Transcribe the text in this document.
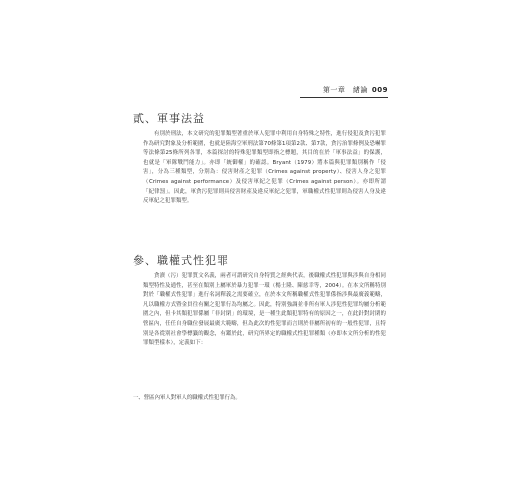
第一章　緒論 009
貳、軍事法益
有別於刑法，本文研究的犯罪類型著重於軍人犯罪中利用自身特殊之特性，進行侵犯及貪污犯罪作為研究對象及分析範圍，也就是陸海空軍刑法第70條第1項第2款、第7款，貪污治罪條例及恐嚇罪等法條第25條所列各罪，本篇探討的特殊犯罪類型即指之標題，其目的在於「軍事法益」的保護，也就是「軍隊戰鬥能力」。亦即「統御權」的確認。Bryant（1979）將本篇與犯罪類別稱作「侵害」，分為三種類型，分別為：侵害財產之犯罪（Crimes against property）、侵害人身之犯罪（Crimes against performance）及侵害軍紀之犯罪（Crimes against person）。亦即所謂「紀律罰」。因此，軍貪污犯罪則具侵害財產及違反軍紀之犯罪，軍職權式性犯罪則為侵害人身及違反軍紀之犯罪類型。
參、職權式性犯罪
貪瀆（污）犯罪質文名義，兩者可謂研究自身特質之經典代表，後職權式性犯罪與涉與自身相同類型特性及通性，甚至在類別上屬軍於暴力犯罪一環（楊士隆、陳慈幸等，2004）。在本文所稱特別對於「職權式性犯罪」進行名詞釋義之需要確立，在於本文所稱職權式性犯罪係指涉與最廣義範疇，凡以職權方式暨金員往有關之犯罪行為均屬之。因此，特別強調並非所有軍人涉犯性犯罪均屬分析範圍之內，但卡其類犯罪係屬「非封閉」的環境，是一種生此類犯罪特有的原因之一，在此針對封閉的營區內，任任自身職位發展最廣大範疇，但為此次的性犯罪而言則於非屬所初有的一般性犯罪，且特別是各從別社會學標籤的觀念，有鑑於此，研究所界定的職權式性犯罪種類（亦即本文所分析的性犯罪類型樣本），定義如下：
一、營區內軍人對軍人的職權式性犯罪行為。
